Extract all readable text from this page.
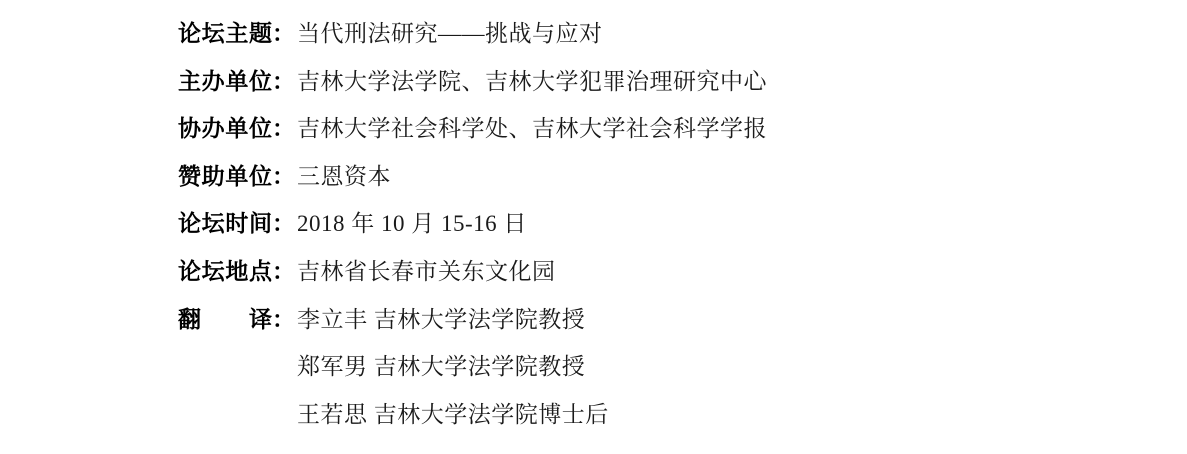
论坛主题：当代刑法研究——挑战与应对
主办单位：吉林大学法学院、吉林大学犯罪治理研究中心
协办单位：吉林大学社会科学处、吉林大学社会科学学报
赞助单位：三恩资本
论坛时间：2018 年 10 月 15-16 日
论坛地点：吉林省长春市关东文化园
翻 译：李立丰 吉林大学法学院教授
郑军男 吉林大学法学院教授
王若思 吉林大学法学院博士后
